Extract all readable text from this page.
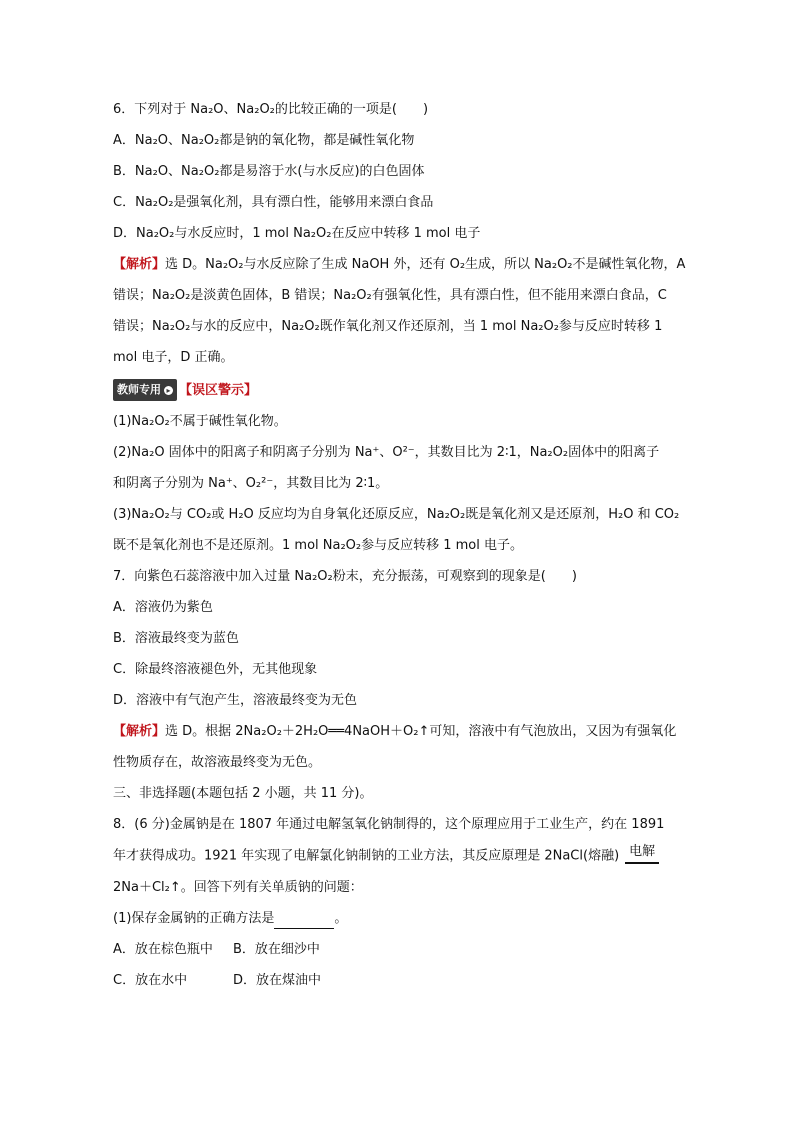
6．下列对于 Na₂O、Na₂O₂的比较正确的一项是(　　)
A．Na₂O、Na₂O₂都是钠的氧化物，都是碱性氧化物
B．Na₂O、Na₂O₂都是易溶于水(与水反应)的白色固体
C．Na₂O₂是强氧化剂，具有漂白性，能够用来漂白食品
D．Na₂O₂与水反应时，1 mol Na₂O₂在反应中转移 1 mol 电子
【解析】选 D。Na₂O₂与水反应除了生成 NaOH 外，还有 O₂生成，所以 Na₂O₂不是碱性氧化物，A
错误；Na₂O₂是淡黄色固体，B 错误；Na₂O₂有强氧化性，具有漂白性，但不能用来漂白食品，C
错误；Na₂O₂与水的反应中，Na₂O₂既作氧化剂又作还原剂，当 1 mol Na₂O₂参与反应时转移 1
mol 电子，D 正确。
教师专用 ▸ 【误区警示】
(1)Na₂O₂不属于碱性氧化物。
(2)Na₂O 固体中的阳离子和阴离子分别为 Na⁺、O²⁻，其数目比为 2∶1，Na₂O₂固体中的阳离子
和阴离子分别为 Na⁺、O₂²⁻，其数目比为 2∶1。
(3)Na₂O₂与 CO₂或 H₂O 反应均为自身氧化还原反应，Na₂O₂既是氧化剂又是还原剂，H₂O 和 CO₂
既不是氧化剂也不是还原剂。1 mol Na₂O₂参与反应转移 1 mol 电子。
7．向紫色石蕊溶液中加入过量 Na₂O₂粉末，充分振荡，可观察到的现象是(　　)
A．溶液仍为紫色
B．溶液最终变为蓝色
C．除最终溶液褪色外，无其他现象
D．溶液中有气泡产生，溶液最终变为无色
【解析】选 D。根据 2Na₂O₂＋2H₂O══4NaOH＋O₂↑可知，溶液中有气泡放出，又因为有强氧化
性物质存在，故溶液最终变为无色。
三、非选择题(本题包括 2 小题，共 11 分)。
8．(6 分)金属钠是在 1807 年通过电解氢氧化钠制得的，这个原理应用于工业生产，约在 1891
年才获得成功。1921 年实现了电解氯化钠制钠的工业方法，其反应原理是 2NaCl(熔融) 电解
2Na＋Cl₂↑。回答下列有关单质钠的问题：
(1)保存金属钠的正确方法是	。
A．放在棕色瓶中	B．放在细沙中
C．放在水中	D．放在煤油中
